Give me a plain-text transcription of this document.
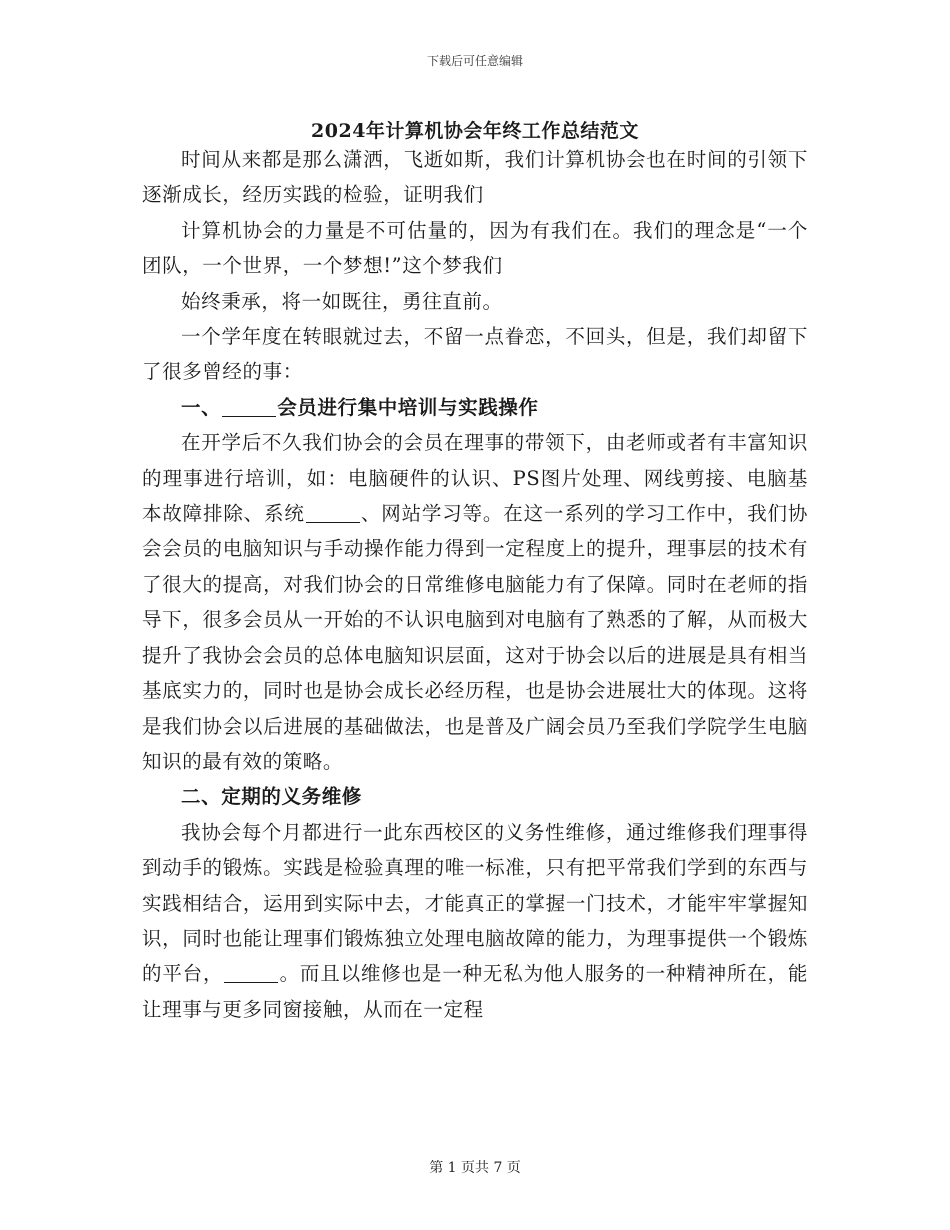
下载后可任意编辑
2024年计算机协会年终工作总结范文

时间从来都是那么潇洒，飞逝如斯，我们计算机协会也在时间的引领下逐渐成长，经历实践的检验，证明我们

计算机协会的力量是不可估量的，因为有我们在。我们的理念是“一个团队，一个世界，一个梦想!”这个梦我们

始终秉承，将一如既往，勇往直前。

一个学年度在转眼就过去，不留一点眷恋，不回头，但是，我们却留下了很多曾经的事：

一、	会员进行集中培训与实践操作

在开学后不久我们协会的会员在理事的带领下，由老师或者有丰富知识的理事进行培训，如：电脑硬件的认识、PS图片处理、网线剪接、电脑基本故障排除、系统	、网站学习等。在这一系列的学习工作中，我们协会会员的电脑知识与手动操作能力得到一定程度上的提升，理事层的技术有了很大的提高，对我们协会的日常维修电脑能力有了保障。同时在老师的指导下，很多会员从一开始的不认识电脑到对电脑有了熟悉的了解，从而极大提升了我协会会员的总体电脑知识层面，这对于协会以后的进展是具有相当基底实力的，同时也是协会成长必经历程，也是协会进展壮大的体现。这将是我们协会以后进展的基础做法，也是普及广阔会员乃至我们学院学生电脑知识的最有效的策略。

二、定期的义务维修

我协会每个月都进行一此东西校区的义务性维修，通过维修我们理事得到动手的锻炼。实践是检验真理的唯一标准，只有把平常我们学到的东西与实践相结合，运用到实际中去，才能真正的掌握一门技术，才能牢牢掌握知识，同时也能让理事们锻炼独立处理电脑故障的能力，为理事提供一个锻炼的平台，	。而且以维修也是一种无私为他人服务的一种精神所在，能让理事与更多同窗接触，从而在一定程

第 1 页共 7 页
